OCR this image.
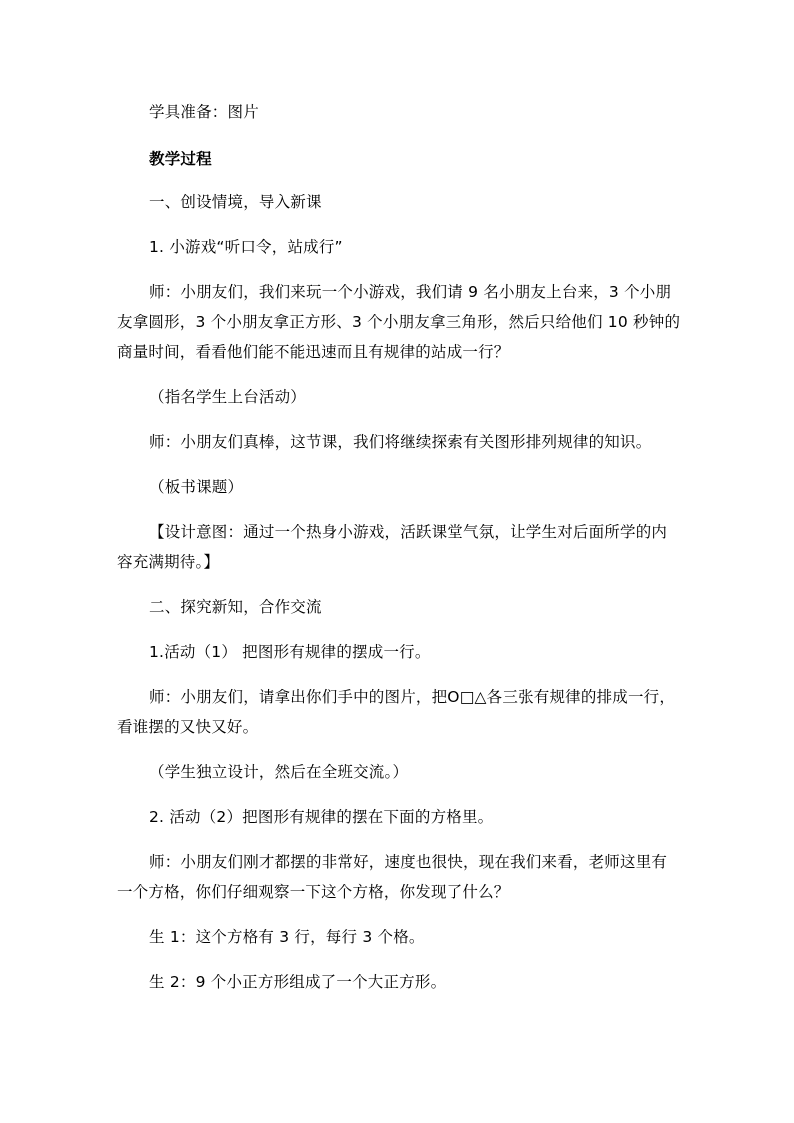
学具准备：图片
教学过程
一、创设情境，导入新课
1. 小游戏“听口令，站成行”
师：小朋友们，我们来玩一个小游戏，我们请 9 名小朋友上台来，3 个小朋
友拿圆形，3 个小朋友拿正方形、3 个小朋友拿三角形，然后只给他们 10 秒钟的
商量时间，看看他们能不能迅速而且有规律的站成一行？
（指名学生上台活动）
师：小朋友们真棒，这节课，我们将继续探索有关图形排列规律的知识。
（板书课题）
【设计意图：通过一个热身小游戏，活跃课堂气氛，让学生对后面所学的内
容充满期待。】
二、探究新知，合作交流
1.活动（1） 把图形有规律的摆成一行。
师：小朋友们，请拿出你们手中的图片，把O□△各三张有规律的排成一行，
看谁摆的又快又好。
（学生独立设计，然后在全班交流。）
2. 活动（2）把图形有规律的摆在下面的方格里。
师：小朋友们刚才都摆的非常好，速度也很快，现在我们来看，老师这里有
一个方格，你们仔细观察一下这个方格，你发现了什么？
生 1：这个方格有 3 行，每行 3 个格。
生 2：9 个小正方形组成了一个大正方形。
